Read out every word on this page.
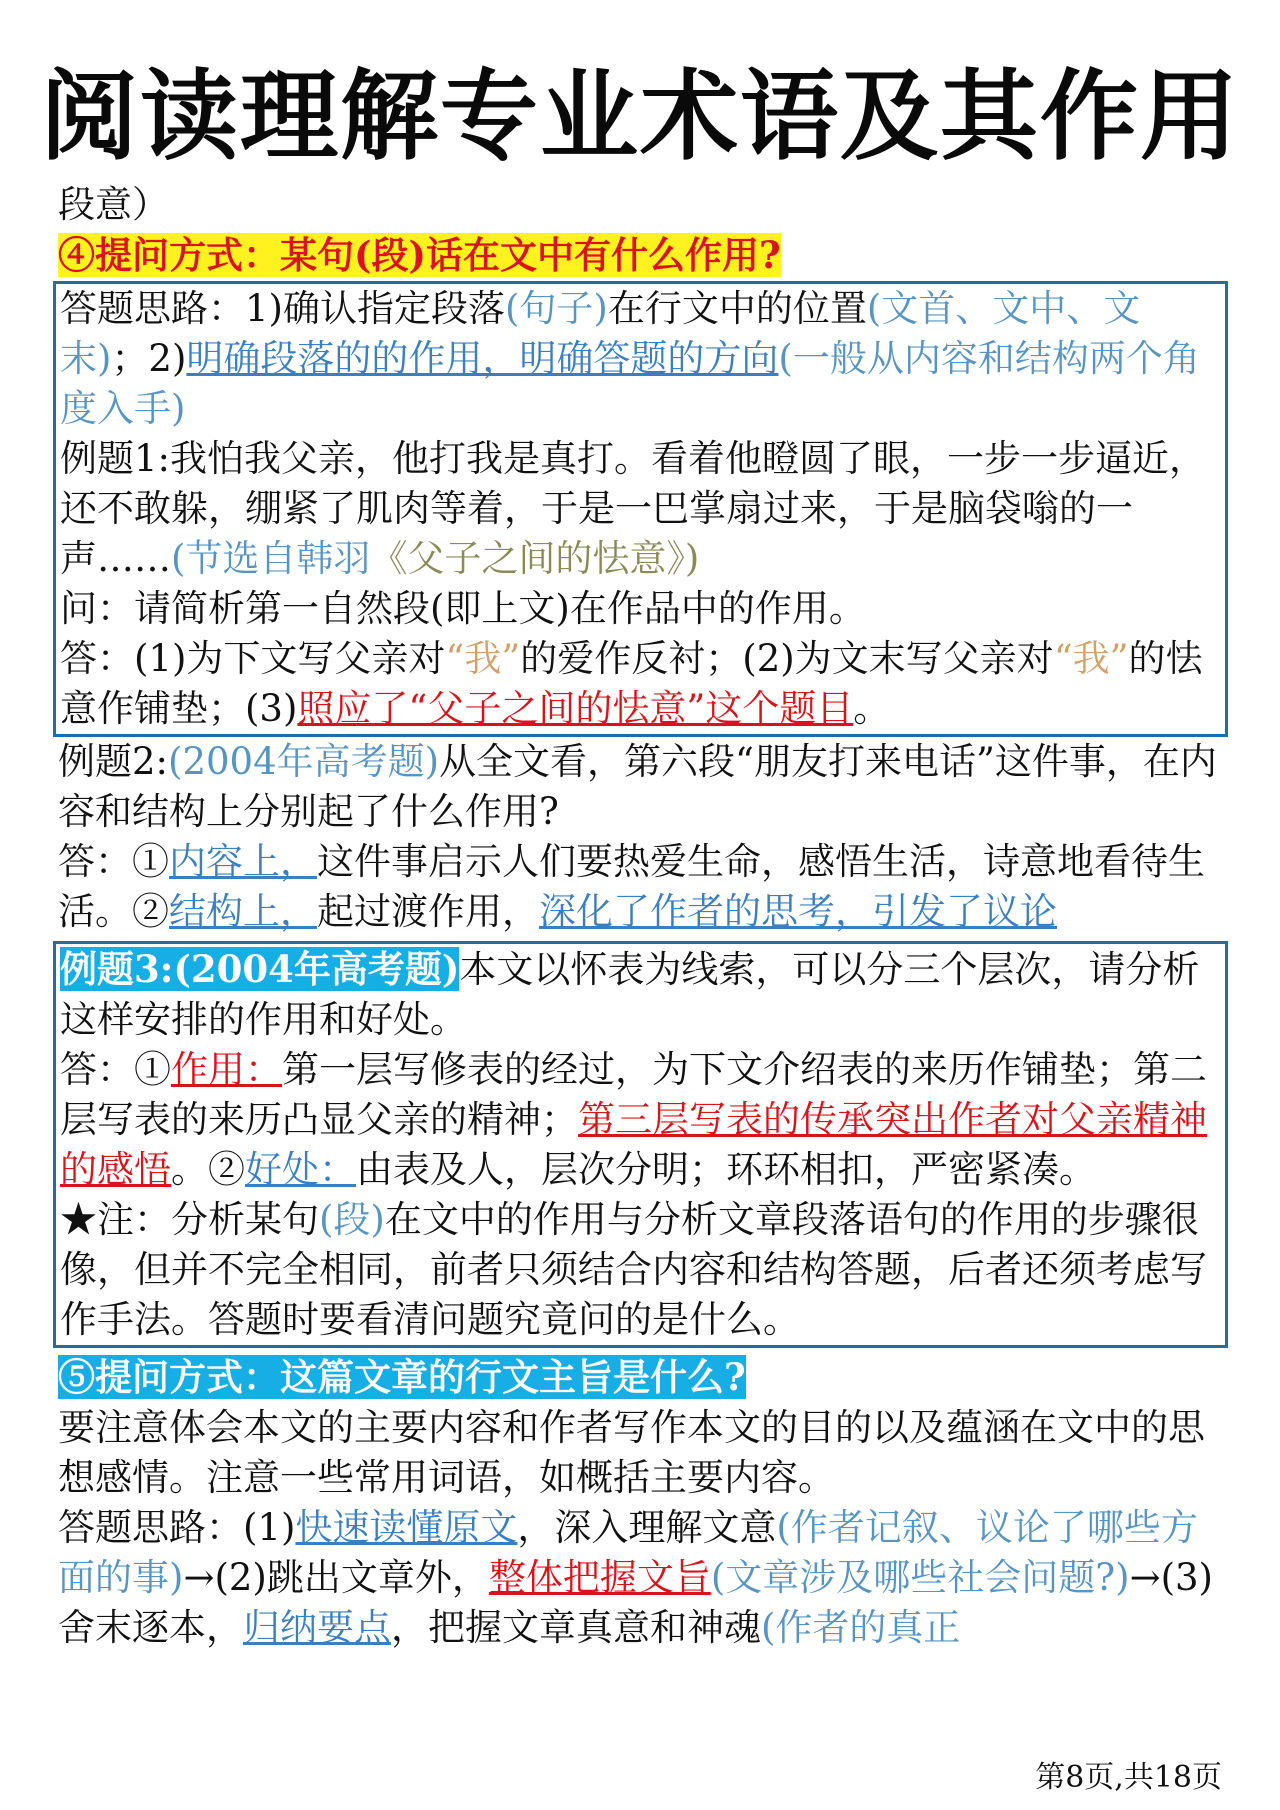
阅读理解专业术语及其作用

段意）

④提问方式：某句(段)话在文中有什么作用?

答题思路：1)确认指定段落(句子)在行文中的位置(文首、文中、文末)；2)明确段落的的作用，明确答题的方向(一般从内容和结构两个角度入手)

例题1:我怕我父亲，他打我是真打。看着他瞪圆了眼，一步一步逼近，还不敢躲，绷紧了肌肉等着，于是一巴掌扇过来，于是脑袋嗡的一声……(节选自韩羽《父子之间的怯意》)

问：请简析第一自然段(即上文)在作品中的作用。

答：(1)为下文写父亲对“我”的爱作反衬；(2)为文末写父亲对“我”的怯意作铺垫；(3)照应了“父子之间的怯意”这个题目。

例题2:(2004年高考题)从全文看，第六段“朋友打来电话”这件事，在内容和结构上分别起了什么作用?

答：①内容上，这件事启示人们要热爱生命，感悟生活，诗意地看待生活。②结构上，起过渡作用，深化了作者的思考，引发了议论

例题3:(2004年高考题)本文以怀表为线索，可以分三个层次，请分析这样安排的作用和好处。

答：①作用：第一层写修表的经过，为下文介绍表的来历作铺垫；第二层写表的来历凸显父亲的精神；第三层写表的传承突出作者对父亲精神的感悟。②好处：由表及人，层次分明；环环相扣，严密紧凑。

★注：分析某句(段)在文中的作用与分析文章段落语句的作用的步骤很像，但并不完全相同，前者只须结合内容和结构答题，后者还须考虑写作手法。答题时要看清问题究竟问的是什么。

⑤提问方式：这篇文章的行文主旨是什么?

要注意体会本文的主要内容和作者写作本文的目的以及蕴涵在文中的思想感情。注意一些常用词语，如概括主要内容。

答题思路：(1)快速读懂原文，深入理解文意(作者记叙、议论了哪些方面的事)→(2)跳出文章外，整体把握文旨(文章涉及哪些社会问题?)→(3)舍末逐本，归纳要点，把握文章真意和神魂(作者的真正

第8页,共18页
